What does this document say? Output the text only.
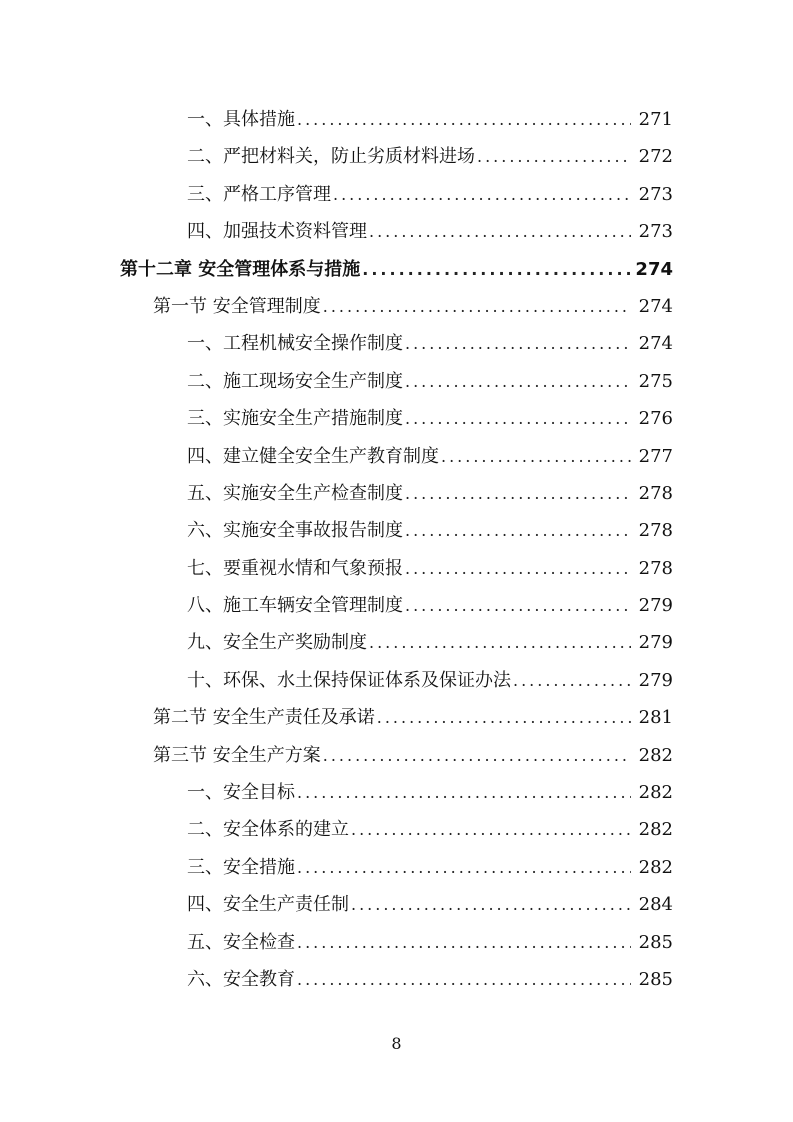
一、具体措施 .....	271
二、严把材料关，防止劣质材料进场 .....	272
三、严格工序管理 .....	273
四、加强技术资料管理 .....	273
第十二章 安全管理体系与措施 .....	274
第一节 安全管理制度 .....	274
一、工程机械安全操作制度 .....	274
二、施工现场安全生产制度 .....	275
三、实施安全生产措施制度 .....	276
四、建立健全安全生产教育制度 .....	277
五、实施安全生产检查制度 .....	278
六、实施安全事故报告制度 .....	278
七、要重视水情和气象预报 .....	278
八、施工车辆安全管理制度 .....	279
九、安全生产奖励制度 .....	279
十、环保、水土保持保证体系及保证办法 .....	279
第二节 安全生产责任及承诺 .....	281
第三节 安全生产方案 .....	282
一、安全目标 .....	282
二、安全体系的建立 .....	282
三、安全措施 .....	282
四、安全生产责任制 .....	284
五、安全检查 .....	285
六、安全教育 .....	285
8
